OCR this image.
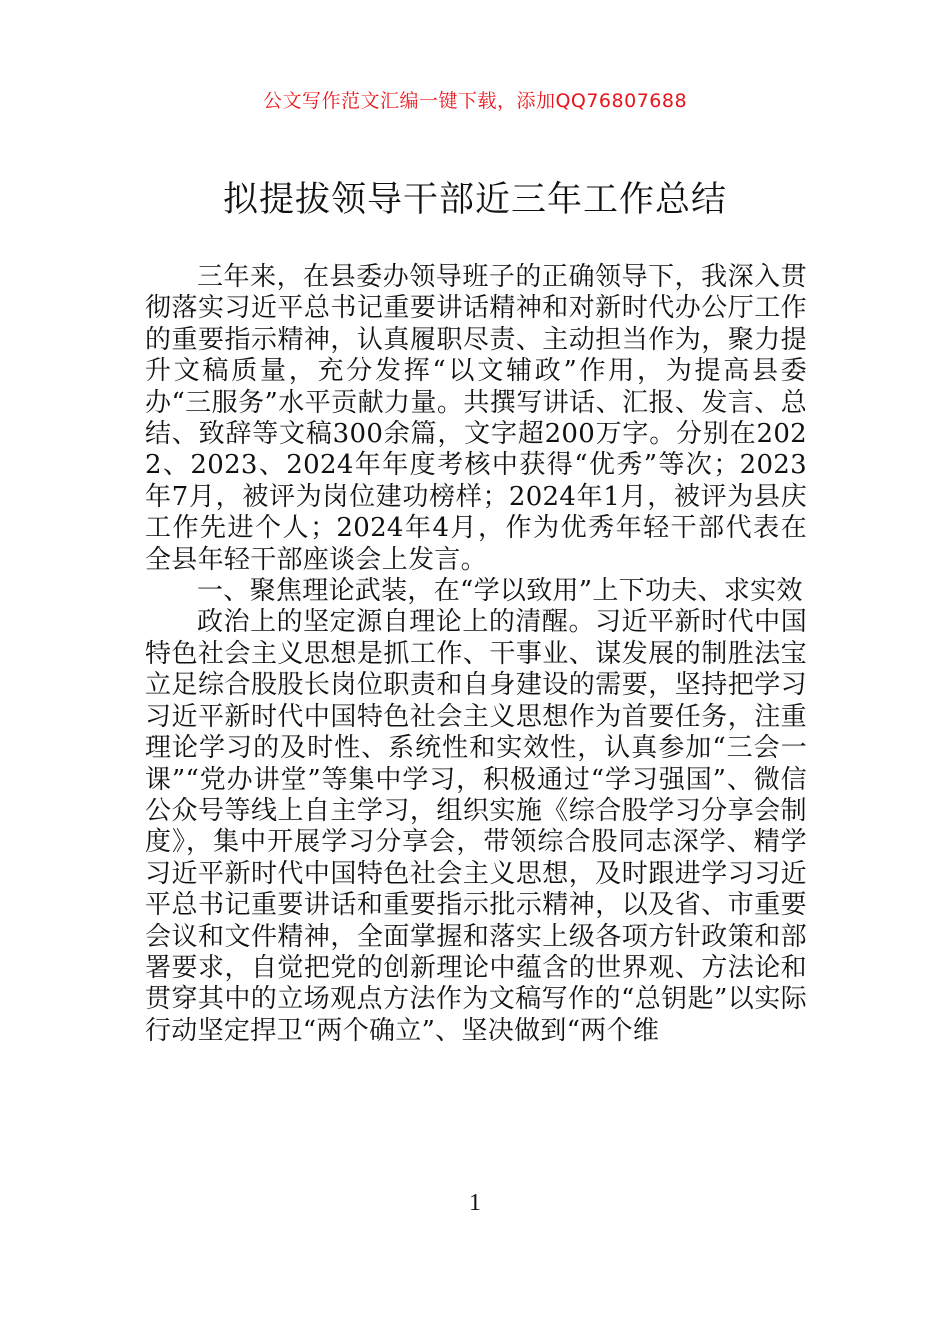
公文写作范文汇编一键下载，添加QQ76807688
拟提拔领导干部近三年工作总结

三年来，在县委办领导班子的正确领导下，我深入贯彻落实习近平总书记重要讲话精神和对新时代办公厅工作的重要指示精神，认真履职尽责、主动担当作为，聚力提升文稿质量，充分发挥“以文辅政”作用，为提高县委办“三服务”水平贡献力量。共撰写讲话、汇报、发言、总结、致辞等文稿300余篇，文字超200万字。分别在2022、2023、2024年年度考核中获得“优秀”等次；2023年7月，被评为岗位建功榜样；2024年1月，被评为县庆工作先进个人；2024年4月，作为优秀年轻干部代表在全县年轻干部座谈会上发言。

一、聚焦理论武装，在“学以致用”上下功夫、求实效

政治上的坚定源自理论上的清醒。习近平新时代中国特色社会主义思想是抓工作、干事业、谋发展的制胜法宝立足综合股股长岗位职责和自身建设的需要，坚持把学习习近平新时代中国特色社会主义思想作为首要任务，注重理论学习的及时性、系统性和实效性，认真参加“三会一课”“党办讲堂”等集中学习，积极通过“学习强国”、微信公众号等线上自主学习，组织实施《综合股学习分享会制度》，集中开展学习分享会，带领综合股同志深学、精学习近平新时代中国特色社会主义思想，及时跟进学习习近平总书记重要讲话和重要指示批示精神，以及省、市重要会议和文件精神，全面掌握和落实上级各项方针政策和部署要求，自觉把党的创新理论中蕴含的世界观、方法论和贯穿其中的立场观点方法作为文稿写作的“总钥匙”以实际行动坚定捍卫“两个确立”、坚决做到“两个维

1
